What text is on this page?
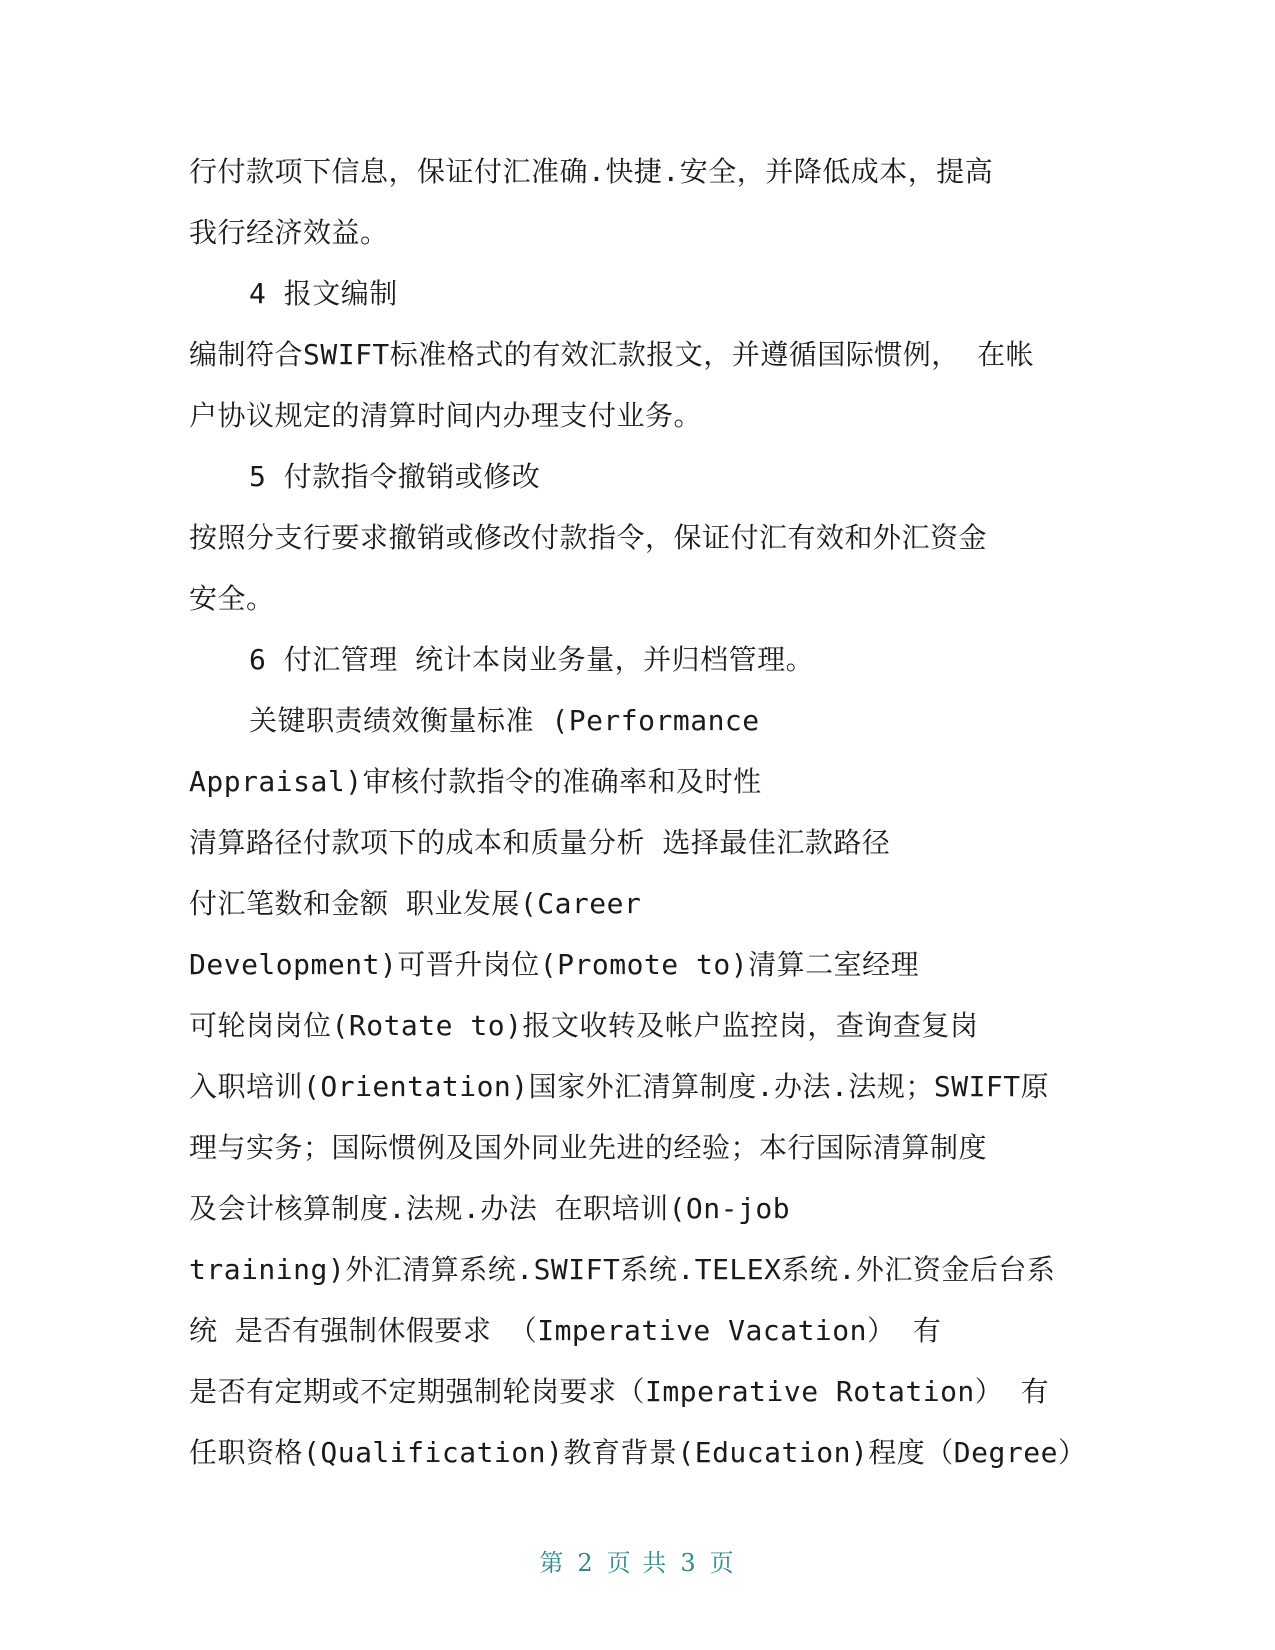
行付款项下信息，保证付汇准确.快捷.安全，并降低成本，提高
我行经济效益。
4 报文编制
编制符合SWIFT标准格式的有效汇款报文，并遵循国际惯例， 在帐
户协议规定的清算时间内办理支付业务。
5 付款指令撤销或修改
按照分支行要求撤销或修改付款指令，保证付汇有效和外汇资金
安全。
6 付汇管理 统计本岗业务量，并归档管理。
关键职责绩效衡量标准 (Performance
Appraisal)审核付款指令的准确率和及时性
清算路径付款项下的成本和质量分析 选择最佳汇款路径
付汇笔数和金额 职业发展(Career
Development)可晋升岗位(Promote to)清算二室经理
可轮岗岗位(Rotate to)报文收转及帐户监控岗，查询查复岗
入职培训(Orientation)国家外汇清算制度.办法.法规；SWIFT原
理与实务；国际惯例及国外同业先进的经验；本行国际清算制度
及会计核算制度.法规.办法 在职培训(On-job
training)外汇清算系统.SWIFT系统.TELEX系统.外汇资金后台系
统 是否有强制休假要求 （Imperative Vacation） 有
是否有定期或不定期强制轮岗要求（Imperative Rotation） 有
任职资格(Qualification)教育背景(Education)程度（Degree）
第 2 页 共 3 页
